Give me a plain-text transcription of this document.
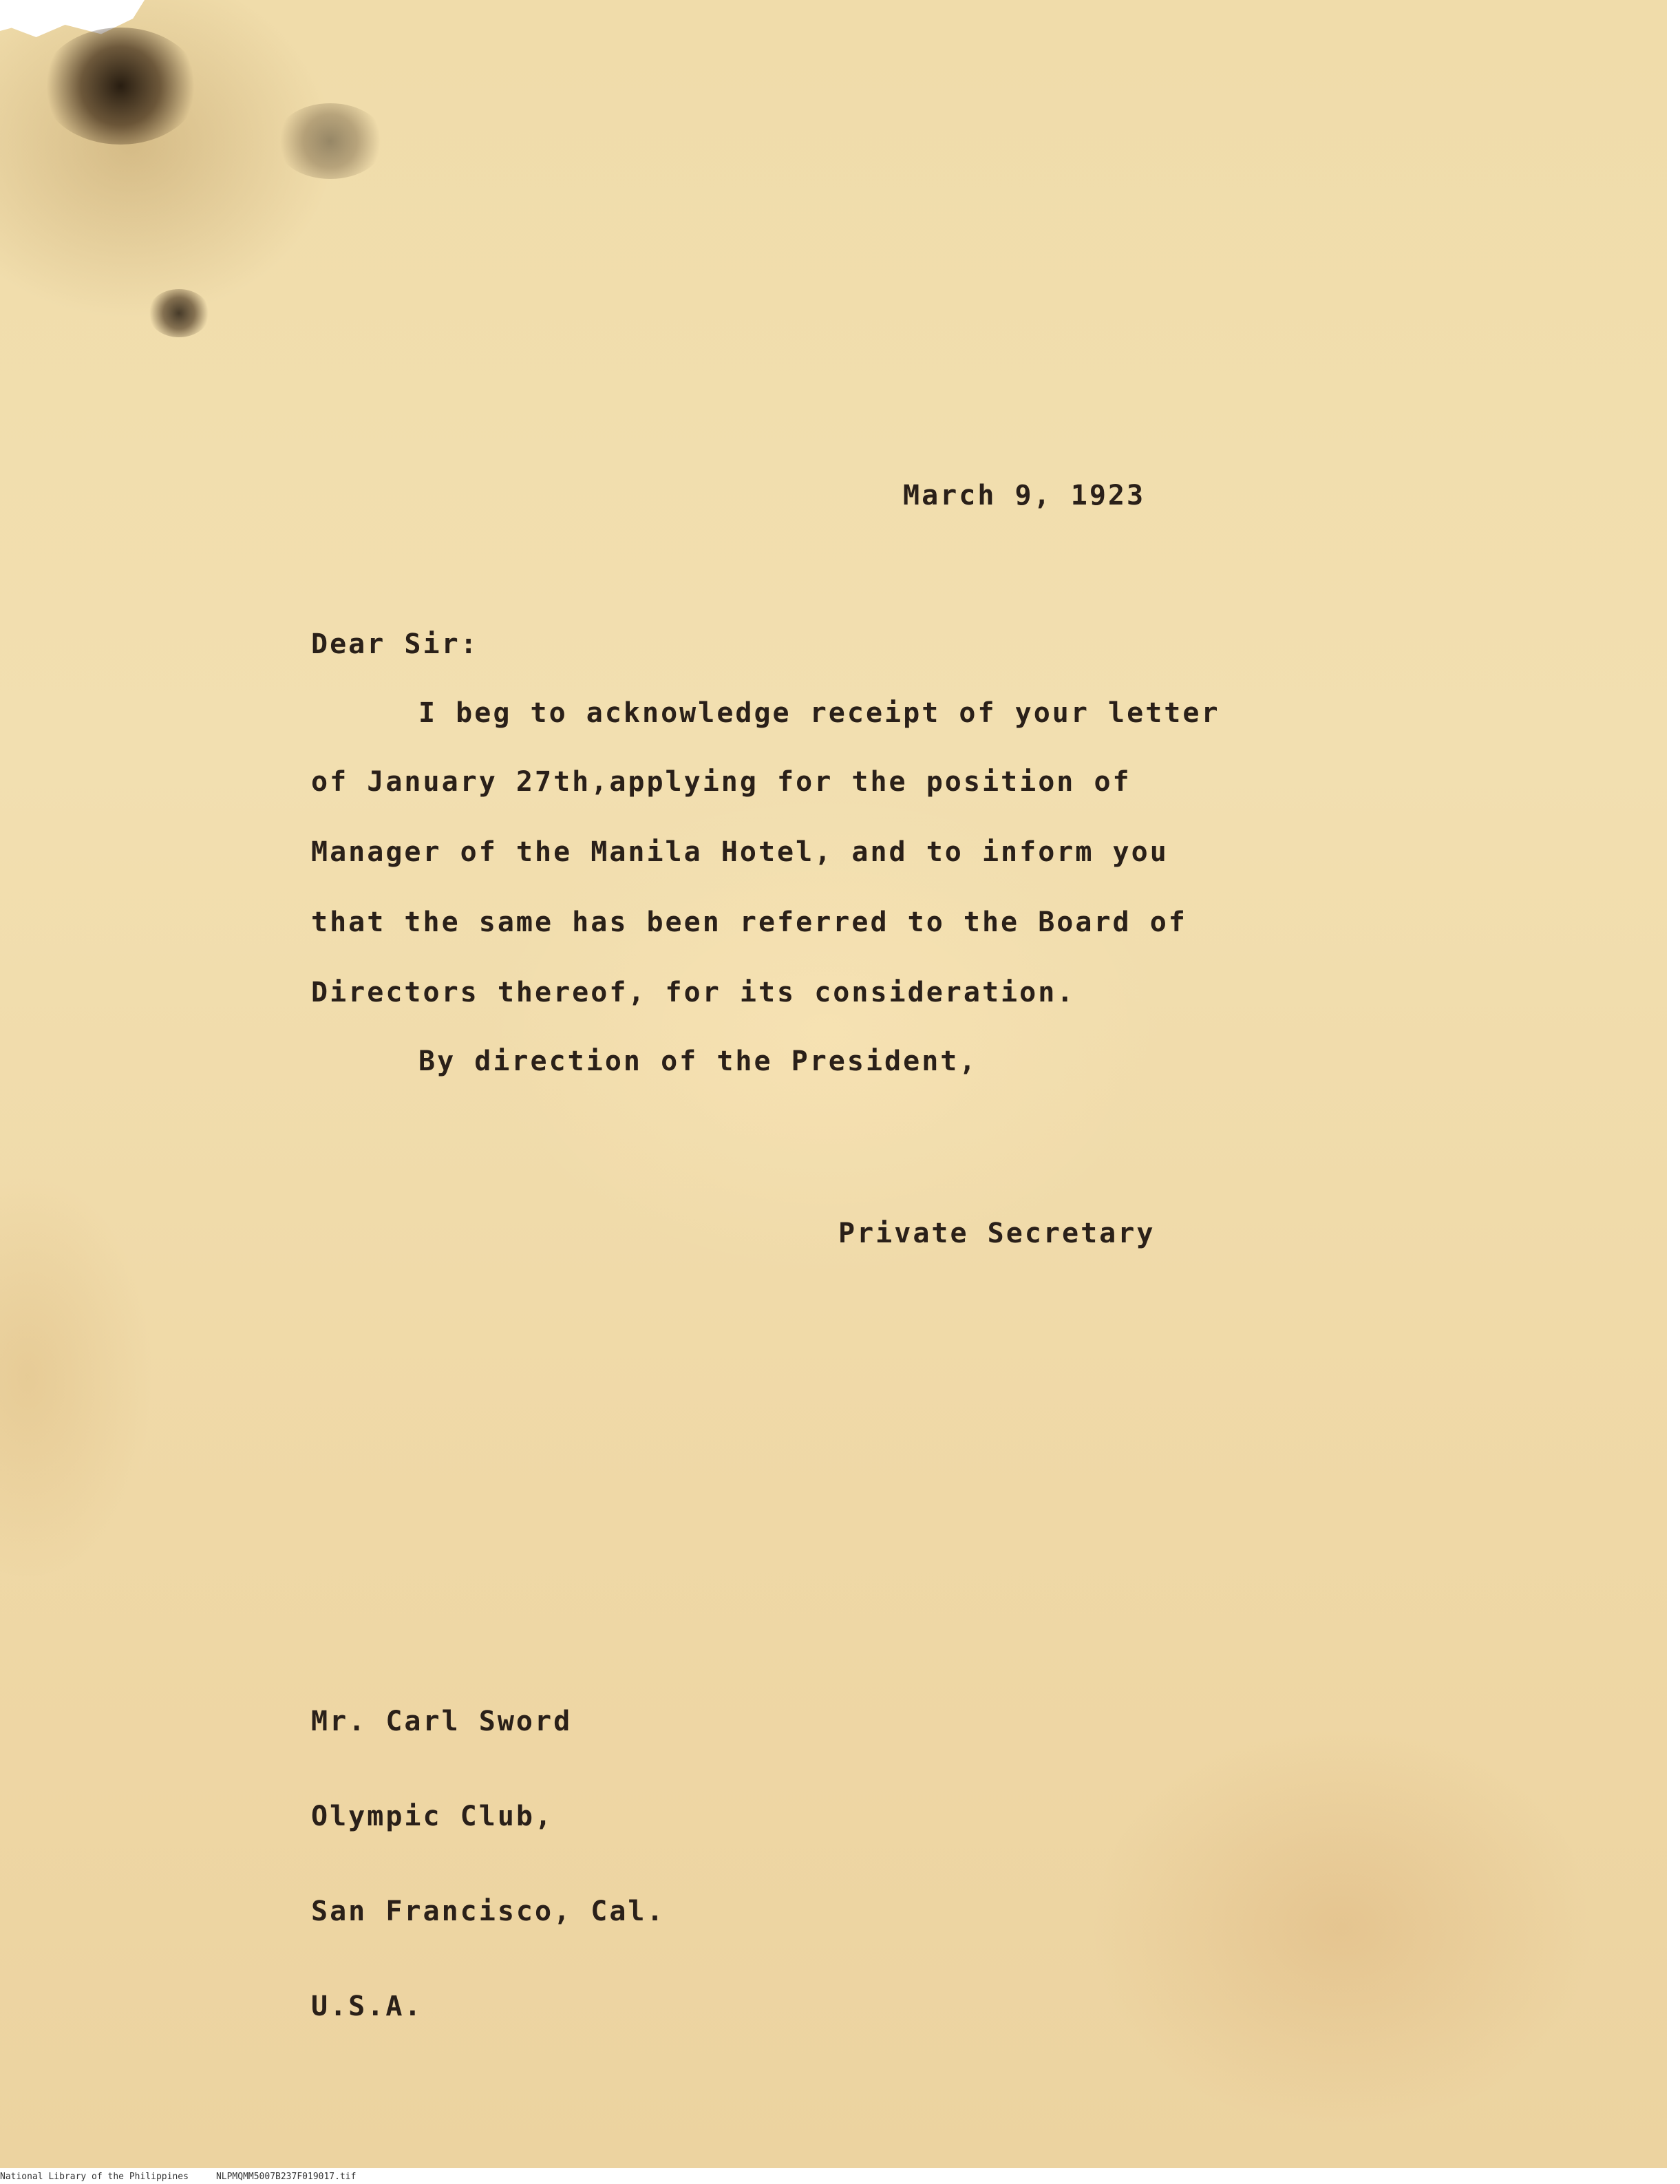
March 9, 1923
Dear Sir:
I beg to acknowledge receipt of your letter
of January 27th,applying for the position of
Manager of the Manila Hotel, and to inform you
that the same has been referred to the Board of
Directors thereof, for its consideration.
By direction of the President,
Private Secretary

Mr. Carl Sword

Olympic Club,

San Francisco, Cal.

U.S.A.

National Library of the Philippines	NLPMQMM5007B237F019017.tif
